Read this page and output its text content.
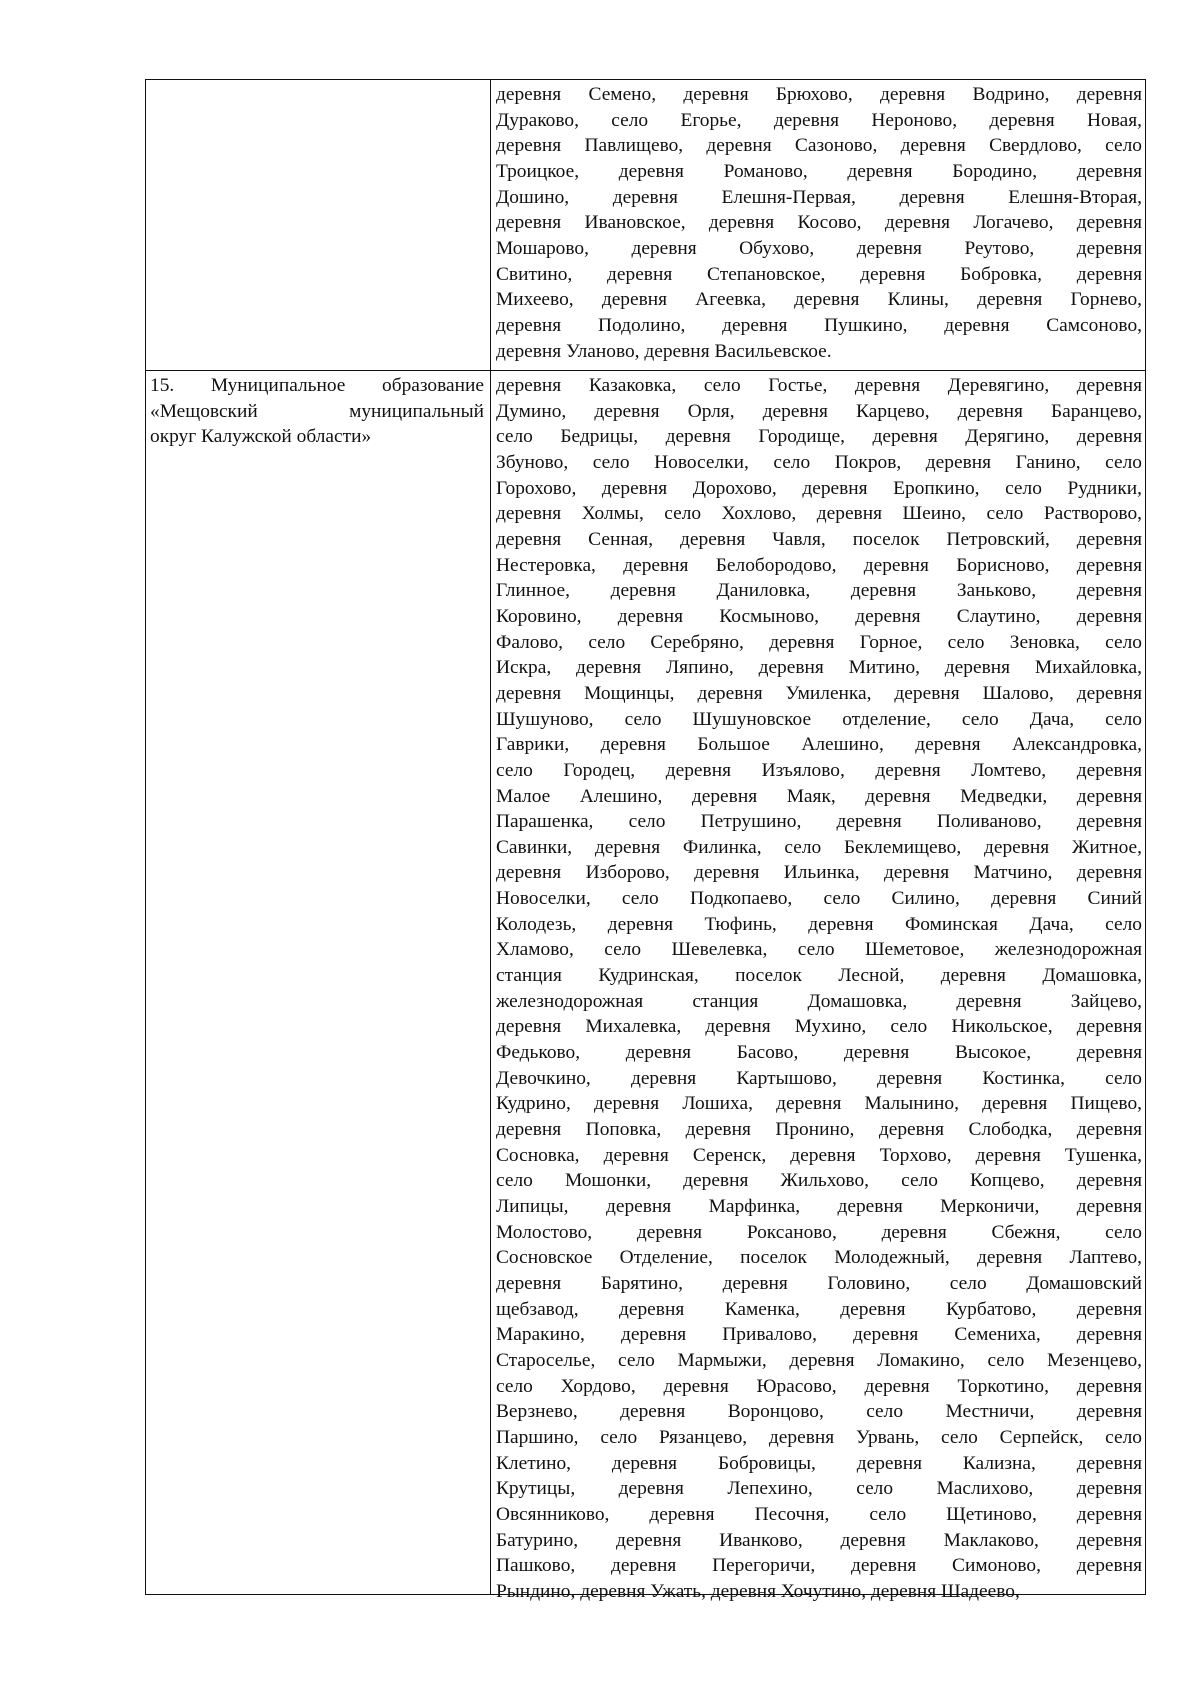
деревня Семено, деревня Брюхово, деревня Водрино, деревня

Дураково, село Егорье, деревня Нероново, деревня Новая,

деревня Павлищево, деревня Сазоново, деревня Свердлово, село

Троицкое, деревня Романово, деревня Бородино, деревня

Дошино, деревня Елешня-Первая, деревня Елешня-Вторая,

деревня Ивановское, деревня Косово, деревня Логачево, деревня

Мошарово, деревня Обухово, деревня Реутово, деревня

Свитино, деревня Степановское, деревня Бобровка, деревня

Михеево, деревня Агеевка, деревня Клины, деревня Горнево,

деревня Подолино, деревня Пушкино, деревня Самсоново,

деревня Уланово, деревня Васильевское.

15. Муниципальное образование

«Мещовский муниципальный

округ Калужской области»

деревня Казаковка, село Гостье, деревня Деревягино, деревня

Думино, деревня Орля, деревня Карцево, деревня Баранцево,

село Бедрицы, деревня Городище, деревня Дерягино, деревня

Збуново, село Новоселки, село Покров, деревня Ганино, село

Горохово, деревня Дорохово, деревня Еропкино, село Рудники,

деревня Холмы, село Хохлово, деревня Шеино, село Растворово,

деревня Сенная, деревня Чавля, поселок Петровский, деревня

Нестеровка, деревня Белобородово, деревня Борисново, деревня

Глинное, деревня Даниловка, деревня Заньково, деревня

Коровино, деревня Космыново, деревня Слаутино, деревня

Фалово, село Серебряно, деревня Горное, село Зеновка, село

Искра, деревня Ляпино, деревня Митино, деревня Михайловка,

деревня Мощинцы, деревня Умиленка, деревня Шалово, деревня

Шушуново, село Шушуновское отделение, село Дача, село

Гаврики, деревня Большое Алешино, деревня Александровка,

село Городец, деревня Изъялово, деревня Ломтево, деревня

Малое Алешино, деревня Маяк, деревня Медведки, деревня

Парашенка, село Петрушино, деревня Поливаново, деревня

Савинки, деревня Филинка, село Беклемищево, деревня Житное,

деревня Изборово, деревня Ильинка, деревня Матчино, деревня

Новоселки, село Подкопаево, село Силино, деревня Синий

Колодезь, деревня Тюфинь, деревня Фоминская Дача, село

Хламово, село Шевелевка, село Шеметовое, железнодорожная

станция Кудринская, поселок Лесной, деревня Домашовка,

железнодорожная станция Домашовка, деревня Зайцево,

деревня Михалевка, деревня Мухино, село Никольское, деревня

Федьково, деревня Басово, деревня Высокое, деревня

Девочкино, деревня Картышово, деревня Костинка, село

Кудрино, деревня Лошиха, деревня Малынино, деревня Пищево,

деревня Поповка, деревня Пронино, деревня Слободка, деревня

Сосновка, деревня Серенск, деревня Торхово, деревня Тушенка,

село Мошонки, деревня Жильхово, село Копцево, деревня

Липицы, деревня Марфинка, деревня Мерконичи, деревня

Молостово, деревня Роксаново, деревня Сбежня, село

Сосновское Отделение, поселок Молодежный, деревня Лаптево,

деревня Барятино, деревня Головино, село Домашовский

щебзавод, деревня Каменка, деревня Курбатово, деревня

Маракино, деревня Привалово, деревня Семениха, деревня

Староселье, село Мармыжи, деревня Ломакино, село Мезенцево,

село Хордово, деревня Юрасово, деревня Торкотино, деревня

Верзнево, деревня Воронцово, село Местничи, деревня

Паршино, село Рязанцево, деревня Урвань, село Серпейск, село

Клетино, деревня Бобровицы, деревня Кализна, деревня

Крутицы, деревня Лепехино, село Маслихово, деревня

Овсянниково, деревня Песочня, село Щетиново, деревня

Батурино, деревня Иванково, деревня Маклаково, деревня

Пашково, деревня Перегоричи, деревня Симоново, деревня

Рындино, деревня Ужать, деревня Хочутино, деревня Шадеево,
